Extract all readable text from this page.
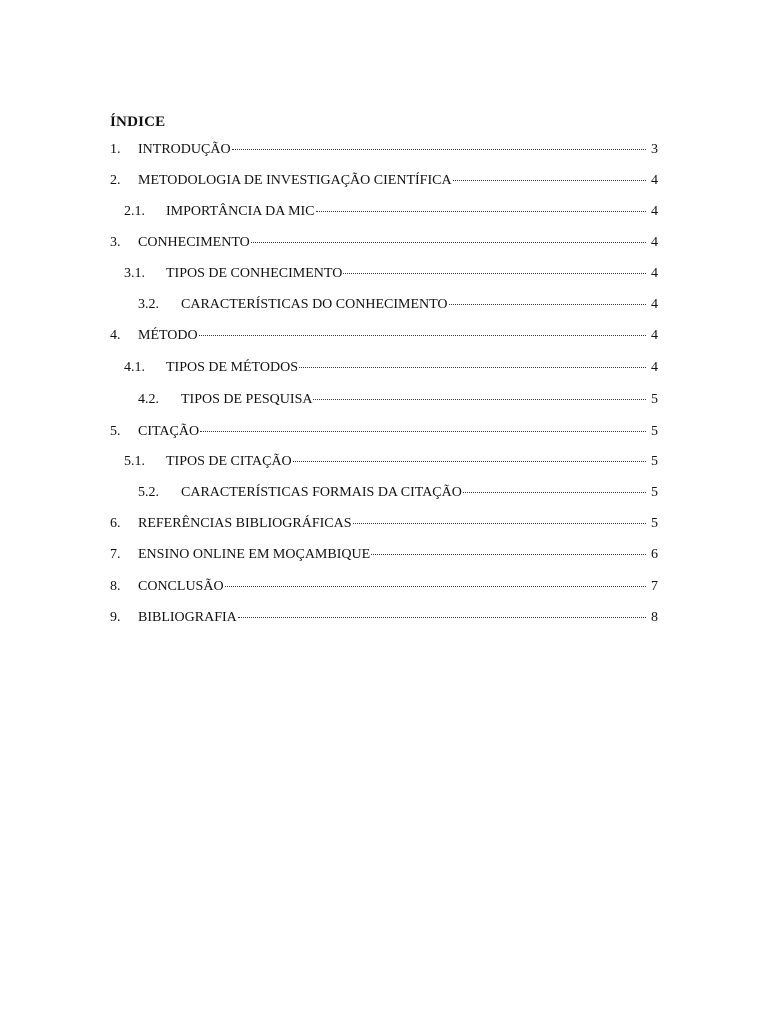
ÍNDICE
1.	INTRODUÇÃO	3
2.	METODOLOGIA DE INVESTIGAÇÃO CIENTÍFICA	4
2.1.	IMPORTÂNCIA DA MIC	4
3.	CONHECIMENTO	4
3.1.	TIPOS DE CONHECIMENTO	4
3.2.	CARACTERÍSTICAS DO CONHECIMENTO	4
4.	MÉTODO	4
4.1.	TIPOS DE MÉTODOS	4
4.2.	TIPOS DE PESQUISA	5
5.	CITAÇÃO	5
5.1.	TIPOS DE CITAÇÃO	5
5.2.	CARACTERÍSTICAS FORMAIS DA CITAÇÃO	5
6.	REFERÊNCIAS BIBLIOGRÁFICAS	5
7.	ENSINO ONLINE EM MOÇAMBIQUE	6
8.	CONCLUSÃO	7
9.	BIBLIOGRAFIA	8
